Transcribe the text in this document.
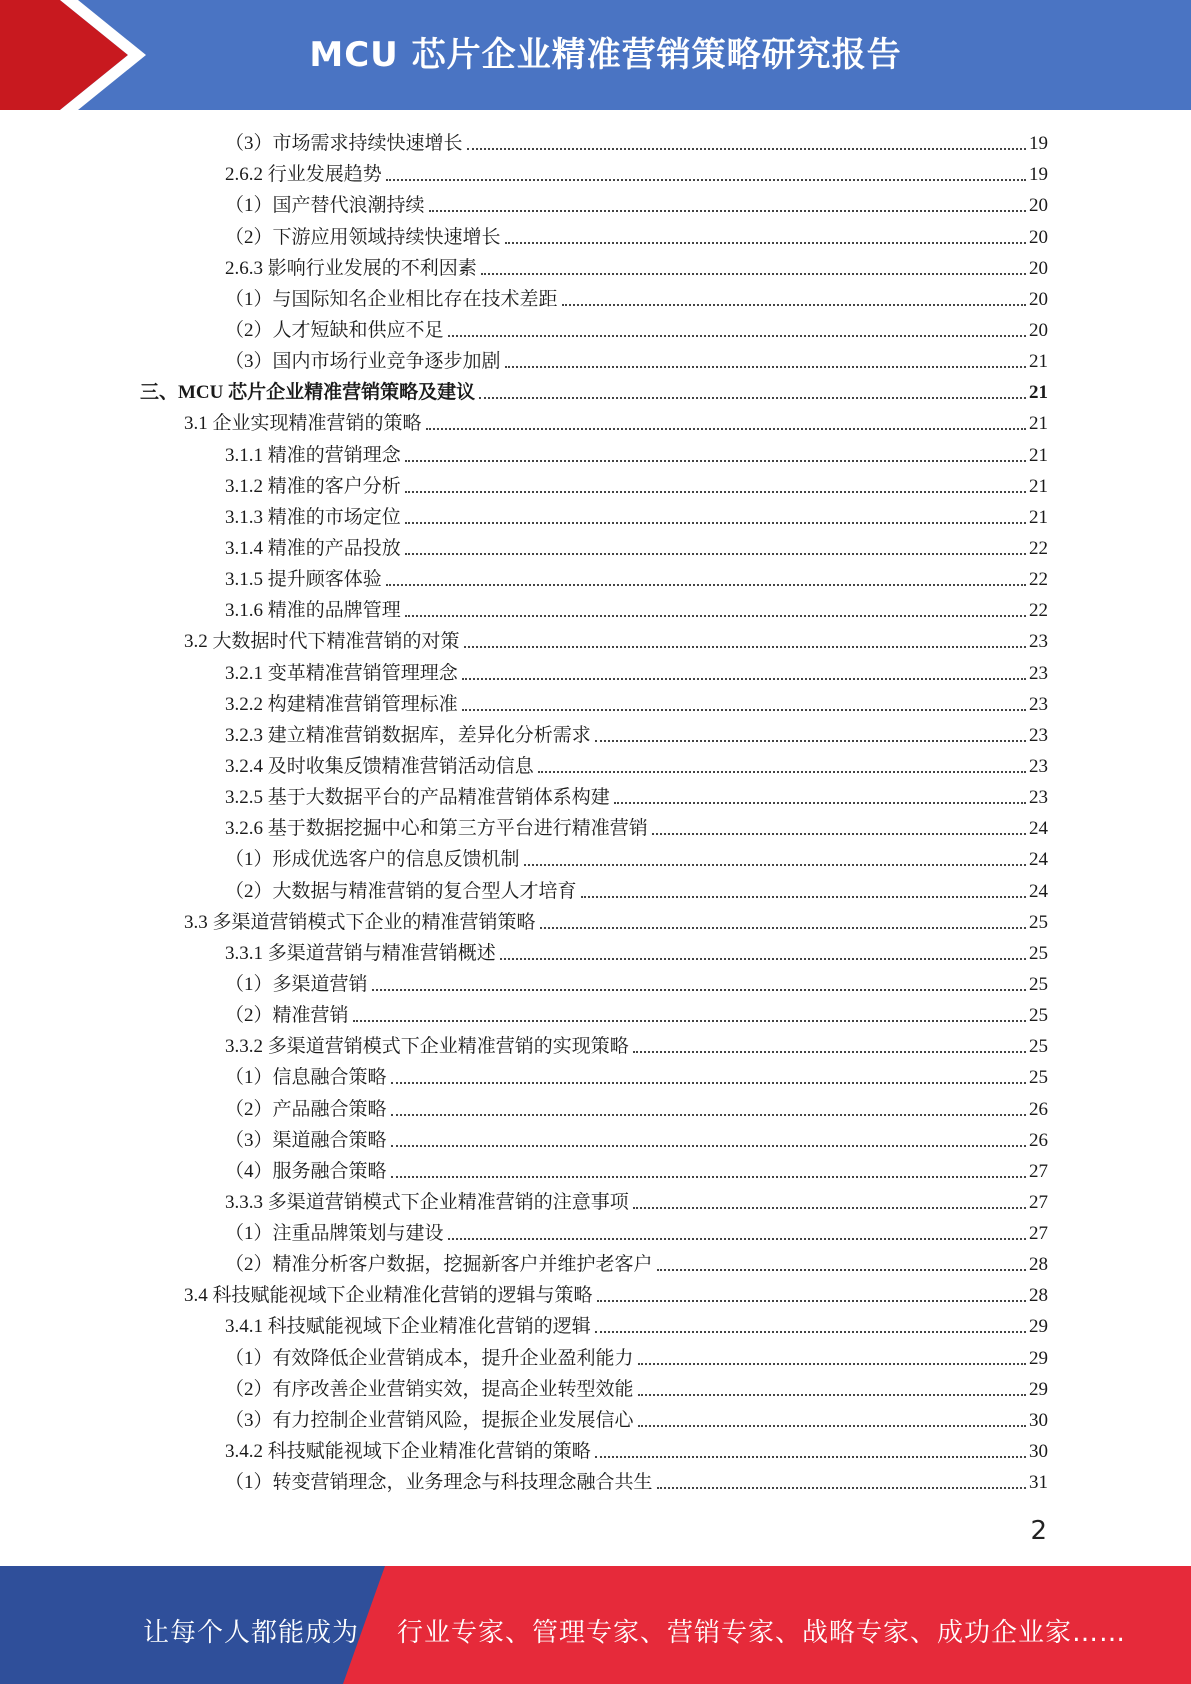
MCU 芯片企业精准营销策略研究报告
（3）市场需求持续快速增长	19
2.6.2 行业发展趋势	19
（1）国产替代浪潮持续	20
（2）下游应用领域持续快速增长	20
2.6.3 影响行业发展的不利因素	20
（1）与国际知名企业相比存在技术差距	20
（2）人才短缺和供应不足	20
（3）国内市场行业竞争逐步加剧	21
三、MCU 芯片企业精准营销策略及建议	21
3.1 企业实现精准营销的策略	21
3.1.1 精准的营销理念	21
3.1.2 精准的客户分析	21
3.1.3 精准的市场定位	21
3.1.4 精准的产品投放	22
3.1.5 提升顾客体验	22
3.1.6 精准的品牌管理	22
3.2 大数据时代下精准营销的对策	23
3.2.1 变革精准营销管理理念	23
3.2.2 构建精准营销管理标准	23
3.2.3 建立精准营销数据库，差异化分析需求	23
3.2.4 及时收集反馈精准营销活动信息	23
3.2.5 基于大数据平台的产品精准营销体系构建	23
3.2.6 基于数据挖掘中心和第三方平台进行精准营销	24
（1）形成优选客户的信息反馈机制	24
（2）大数据与精准营销的复合型人才培育	24
3.3 多渠道营销模式下企业的精准营销策略	25
3.3.1 多渠道营销与精准营销概述	25
（1）多渠道营销	25
（2）精准营销	25
3.3.2 多渠道营销模式下企业精准营销的实现策略	25
（1）信息融合策略	25
（2）产品融合策略	26
（3）渠道融合策略	26
（4）服务融合策略	27
3.3.3 多渠道营销模式下企业精准营销的注意事项	27
（1）注重品牌策划与建设	27
（2）精准分析客户数据，挖掘新客户并维护老客户	28
3.4 科技赋能视域下企业精准化营销的逻辑与策略	28
3.4.1 科技赋能视域下企业精准化营销的逻辑	29
（1）有效降低企业营销成本，提升企业盈利能力	29
（2）有序改善企业营销实效，提高企业转型效能	29
（3）有力控制企业营销风险，提振企业发展信心	30
3.4.2 科技赋能视域下企业精准化营销的策略	30
（1）转变营销理念，业务理念与科技理念融合共生	31
2
让每个人都能成为 行业专家、管理专家、营销专家、战略专家、成功企业家……
